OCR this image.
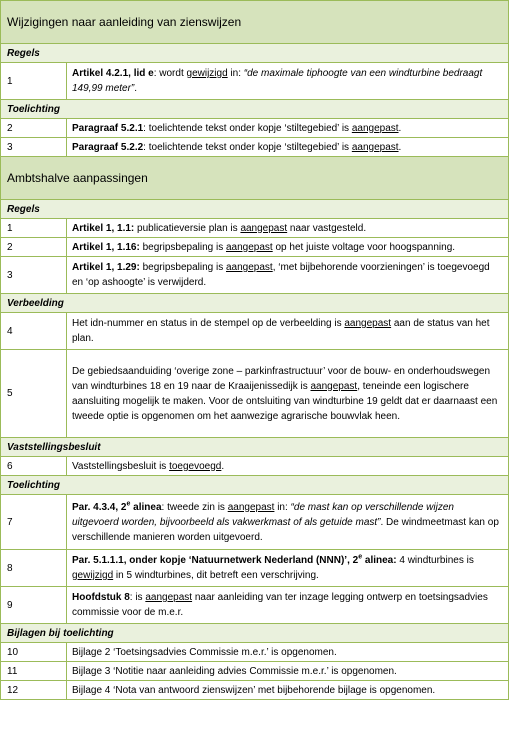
Wijzigingen naar aanleiding van zienswijzen	
Regels	
1	Artikel 4.2.1, lid e: wordt gewijzigd in: “de maximale tiphoogte van een windturbine bedraagt 149,99 meter”.
Toelichting	
2	Paragraaf 5.2.1: toelichtende tekst onder kopje ‘stiltegebied’ is aangepast.
3	Paragraaf 5.2.2: toelichtende tekst onder kopje ‘stiltegebied’ is aangepast.
Ambtshalve aanpassingen	
Regels	
1	Artikel 1, 1.1: publicatieversie plan is aangepast naar vastgesteld.
2	Artikel 1, 1.16: begripsbepaling is aangepast op het juiste voltage voor hoogspanning.
3	Artikel 1, 1.29: begripsbepaling is aangepast, ‘met bijbehorende voorzieningen’ is toegevoegd en ‘op ashoogte’ is verwijderd.
Verbeelding	
4	Het idn-nummer en status in de stempel op de verbeelding is aangepast aan de status van het plan.
5	De gebiedsaanduiding ‘overige zone – parkinfrastructuur’ voor de bouw- en onderhoudswegen van windturbines 18 en 19 naar de Kraaijenissedijk is aangepast, teneinde een logischere aansluiting mogelijk te maken. Voor de ontsluiting van windturbine 19 geldt dat er daarnaast een tweede optie is opgenomen om het aanwezige agrarische bouwvlak heen.
Vaststellingsbesluit	
6	Vaststellingsbesluit is toegevoegd.
Toelichting	
7	Par. 4.3.4, 2e alinea: tweede zin is aangepast in: “de mast kan op verschillende wijzen uitgevoerd worden, bijvoorbeeld als vakwerkmast of als getuide mast”. De windmeetmast kan op verschillende manieren worden uitgevoerd.
8	Par. 5.1.1.1, onder kopje ‘Natuurnetwerk Nederland (NNN)’, 2e alinea: 4 windturbines is gewijzigd in 5 windturbines, dit betreft een verschrijving.
9	Hoofdstuk 8: is aangepast naar aanleiding van ter inzage legging ontwerp en toetsingsadvies commissie voor de m.e.r.
Bijlagen bij toelichting	
10	Bijlage 2 ‘Toetsingsadvies Commissie m.e.r.’ is opgenomen.
11	Bijlage 3 ‘Notitie naar aanleiding advies Commissie m.e.r.’ is opgenomen.
12	Bijlage 4 ‘Nota van antwoord zienswijzen’ met bijbehorende bijlage is opgenomen.
